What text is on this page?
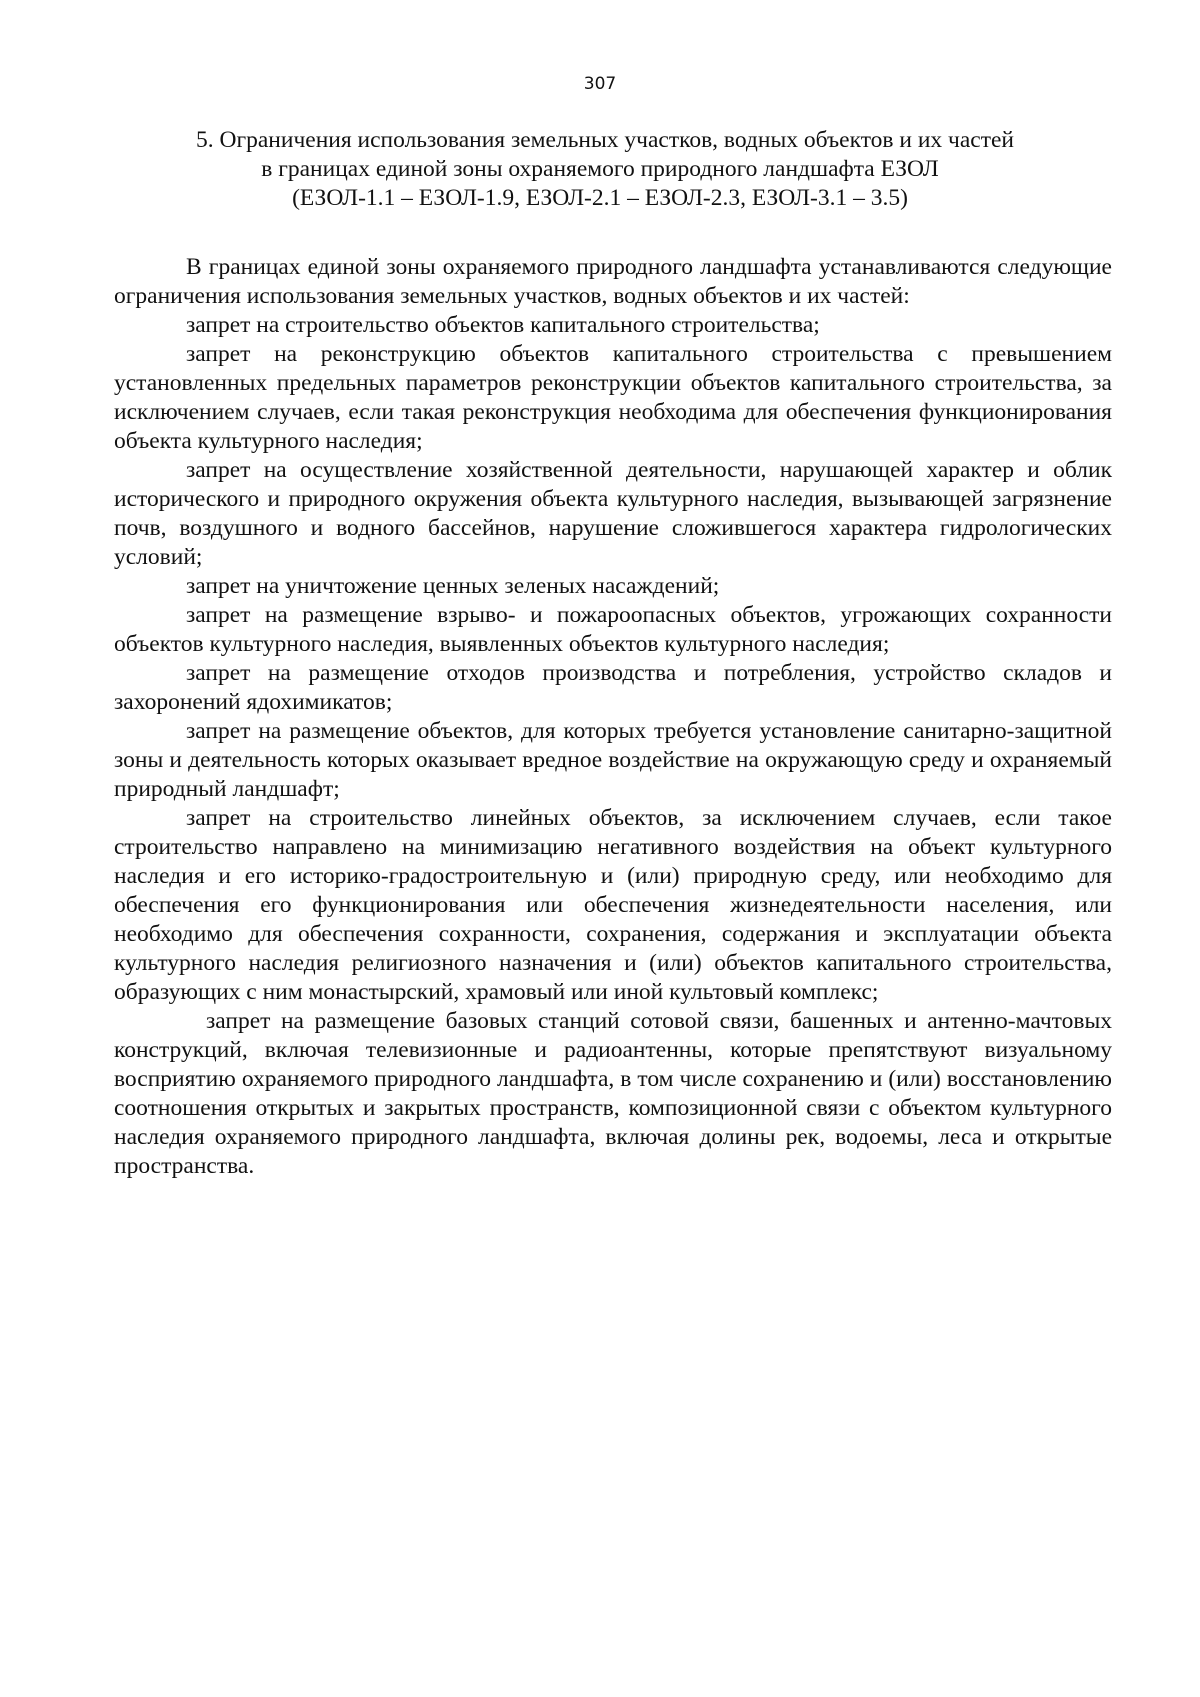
307
5. Ограничения использования земельных участков, водных объектов и их частей
в границах единой зоны охраняемого природного ландшафта ЕЗОЛ
(ЕЗОЛ-1.1 – ЕЗОЛ-1.9, ЕЗОЛ-2.1 – ЕЗОЛ-2.3, ЕЗОЛ-3.1 – 3.5)

В границах единой зоны охраняемого природного ландшафта устанавливаются следующие ограничения использования земельных участков, водных объектов и их частей:

запрет на строительство объектов капитального строительства;

запрет на реконструкцию объектов капитального строительства с превышением установленных предельных параметров реконструкции объектов капитального строительства, за исключением случаев, если такая реконструкция необходима для обеспечения функционирования объекта культурного наследия;

запрет на осуществление хозяйственной деятельности, нарушающей характер и облик исторического и природного окружения объекта культурного наследия, вызывающей загрязнение почв, воздушного и водного бассейнов, нарушение сложившегося характера гидрологических условий;

запрет на уничтожение ценных зеленых насаждений;

запрет на размещение взрыво- и пожароопасных объектов, угрожающих сохранности объектов культурного наследия, выявленных объектов культурного наследия;

запрет на размещение отходов производства и потребления, устройство складов и захоронений ядохимикатов;

запрет на размещение объектов, для которых требуется установление санитарно-защитной зоны и деятельность которых оказывает вредное воздействие на окружающую среду и охраняемый природный ландшафт;

запрет на строительство линейных объектов, за исключением случаев, если такое строительство направлено на минимизацию негативного воздействия на объект культурного наследия и его историко-градостроительную и (или) природную среду, или необходимо для обеспечения его функционирования или обеспечения жизнедеятельности населения, или необходимо для обеспечения сохранности, сохранения, содержания и эксплуатации объекта культурного наследия религиозного назначения и (или) объектов капитального строительства, образующих с ним монастырский, храмовый или иной культовый комплекс;

запрет на размещение базовых станций сотовой связи, башенных и антенно-мачтовых конструкций, включая телевизионные и радиоантенны, которые препятствуют визуальному восприятию охраняемого природного ландшафта, в том числе сохранению и (или) восстановлению соотношения открытых и закрытых пространств, композиционной связи с объектом культурного наследия охраняемого природного ландшафта, включая долины рек, водоемы, леса и открытые пространства.
